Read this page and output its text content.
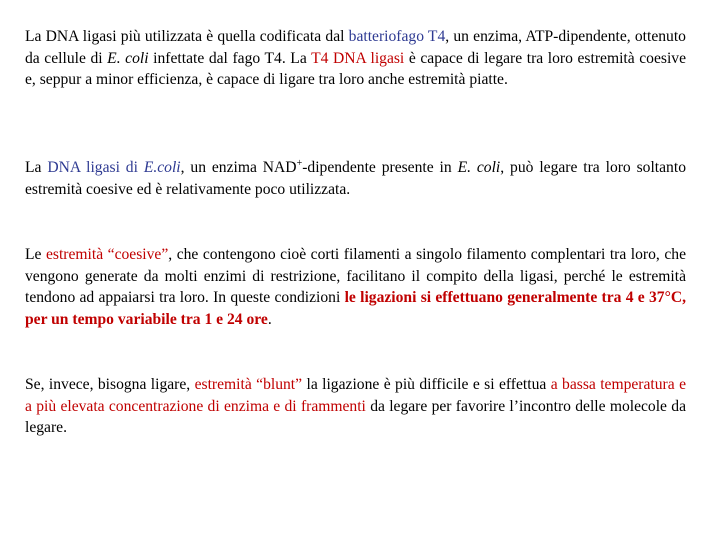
La DNA ligasi più utilizzata è quella codificata dal batteriofago T4, un enzima, ATP-dipendente, ottenuto da cellule di E. coli infettate dal fago T4. La T4 DNA ligasi è capace di legare tra loro estremità coesive e, seppur a minor efficienza, è capace di ligare tra loro anche estremità piatte.

La DNA ligasi di E.coli, un enzima NAD+-dipendente presente in E. coli, può legare tra loro soltanto estremità coesive ed è relativamente poco utilizzata.

Le estremità “coesive”, che contengono cioè corti filamenti a singolo filamento complentari tra loro, che vengono generate da molti enzimi di restrizione, facilitano il compito della ligasi, perché le estremità tendono ad appaiarsi tra loro. In queste condizioni le ligazioni si effettuano generalmente tra 4 e 37°C, per un tempo variabile tra 1 e 24 ore.

Se, invece, bisogna ligare, estremità “blunt” la ligazione è più difficile e si effettua a bassa temperatura e a più elevata concentrazione di enzima e di frammenti da legare per favorire l’incontro delle molecole da legare.
